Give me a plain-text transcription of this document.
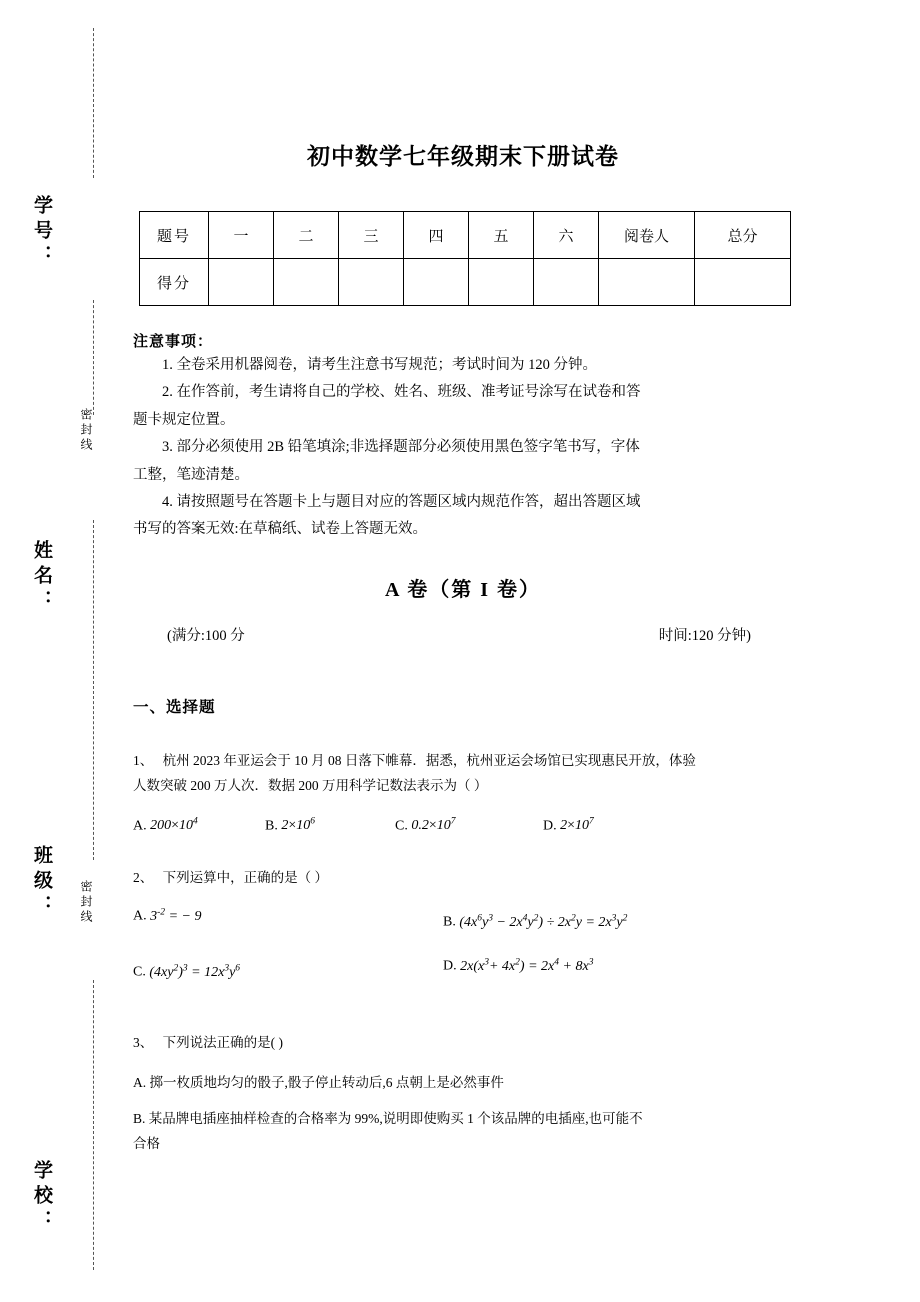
学号：
姓名：
班级：
学校：
密封线
密封线
初中数学七年级期末下册试卷
题号	一	二	三	四	五	六	阅卷人	总分
得分								
注意事项：
1. 全卷采用机器阅卷，请考生注意书写规范；考试时间为 120 分钟。
2. 在作答前，考生请将自己的学校、姓名、班级、准考证号涂写在试卷和答
题卡规定位置。
3. 部分必须使用 2B 铅笔填涂;非选择题部分必须使用黑色签字笔书写，字体
工整，笔迹清楚。
4. 请按照题号在答题卡上与题目对应的答题区域内规范作答，超出答题区域
书写的答案无效:在草稿纸、试卷上答题无效。
A 卷（第 I 卷）
(满分:100 分	时间:120 分钟)
一、选择题
1、 杭州 2023 年亚运会于 10 月 08 日落下帷幕．据悉，杭州亚运会场馆已实现惠民开放，体验
人数突破 200 万人次．数据 200 万用科学记数法表示为（ ）
A. $200\times 10^4$	B. $2\times 10^6$	C. $0.2\times 10^7$	D. $2\times 10^7$
2、 下列运算中，正确的是（ ）
A. $3^{-2}$ = − 9	B. $(4x^6y^3 - 2x^4y^2) \div 2x^2y = 2x^3y^2$
C. $(4xy^2)^3 = 12x^3y^6$	D. $2x(x^3+ 4x^2) = 2x^4 + 8x^3$
3、 下列说法正确的是( )
A. 掷一枚质地均匀的骰子,骰子停止转动后,6 点朝上是必然事件
B. 某品牌电插座抽样检查的合格率为 99%,说明即使购买 1 个该品牌的电插座,也可能不
合格
